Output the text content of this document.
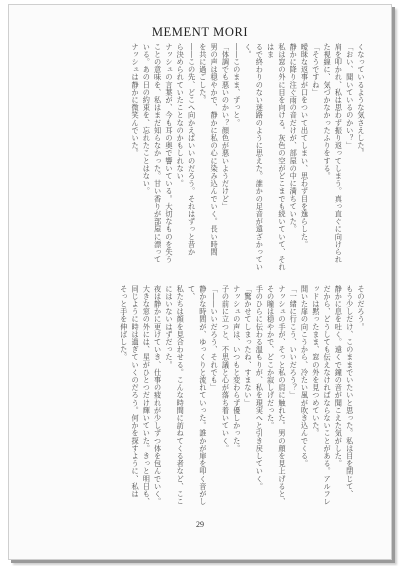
MEMENT MORI

くなっているような気さえした。

「おい、聞いているのかい？」

肩を叩かれ、私は思わず振り返ってしまう。真っ直ぐに向けられ

た視線に、気づかなかったふりをする。

「そうですね」

曖昧な返事が口をついて出てしまい、思わず目を逸らした。

静かに降り注ぐ雨の音だけが、部屋の中に満ちていた。

私は窓の外に目を向ける。灰色の空がどこまでも続いていて、それはま

るで終わりのない迷路のように思えた。誰かの足音が遠ざかっていく。

――このまま、ずっと。

「体調でも悪いのかい？顔色が悪いようだけど」

男の声は穏やかで、静かに私の心に染み込んでいく。長い時間

を共に過ごした。

――この先、どこへ向かえばいいのだろう。それはずっと昔か

ら決められていたことなのかもしれない。

ナッシュの言葉が、今も耳の奥で響いている。大切なものを失う

ことの意味を、私はまだ知らなかった。甘い香りが部屋に漂って

いる。あの日の約束を、忘れたことはない。

ナッシュは静かに微笑んでいた。

そのだろう。

もう少しだけ、このままでいたいと思った。私は目を閉じて、

静かに息を吐く。遠くで鐘の音が聞こえた気がした。

だから、どうしても伝えなければならないことがある。アルフレ

ッドは黙ったまま、窓の外を見つめていた。

開いた扉の向こうから、冷たい風が吹き込んでくる。

「一緒に行こう、いいだろう？」

ナッシュの手が、そっと私の肩に触れた。男の顔を見上げると、

その瞳は穏やかで、どこか寂しげだった。

手のひらに伝わる温もりが、私を現実へと引き戻していく。

「驚かせてしまったね、すまない」

ナッシュの声は、いつもと変わらず優しかった。

子の前に立つと、不思議と心が落ち着いていく。

「――いいだろう、それでも」

静かな時間が、ゆっくりと流れていった。誰かが扉を叩く音がして、

私たちは顔を見合わせる。こんな時間に訪ねてくる者など、ここ

にはいないはずだった。

夜は静かに更けていき、仕事の疲れが少しずつ体を包んでいく。

大きな窓の外には、星がひとつだけ輝いていた。きっと明日も、

同じように時は過ぎていくのだろう。何かを探すように、私は

そっと手を伸ばした。

29
